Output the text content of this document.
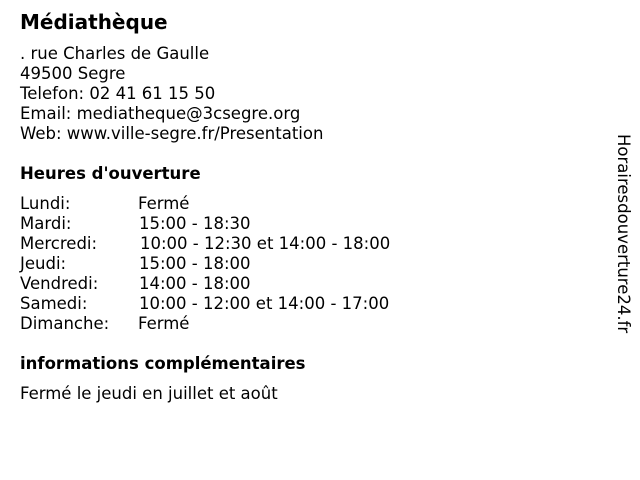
Médiathèque
. rue Charles de Gaulle
49500 Segre
Telefon: 02 41 61 15 50
Email: mediatheque@3csegre.org
Web: www.ville-segre.fr/Presentation
Heures d'ouverture
Lundi:	Fermé
Mardi:	15:00 - 18:30
Mercredi:	10:00 - 12:30 et 14:00 - 18:00
Jeudi:	15:00 - 18:00
Vendredi: 14:00 - 18:00
Samedi:	10:00 - 12:00 et 14:00 - 17:00
Dimanche: Fermé
informations complémentaires
Fermé le jeudi en juillet et août
Horairesdouverture24.fr
